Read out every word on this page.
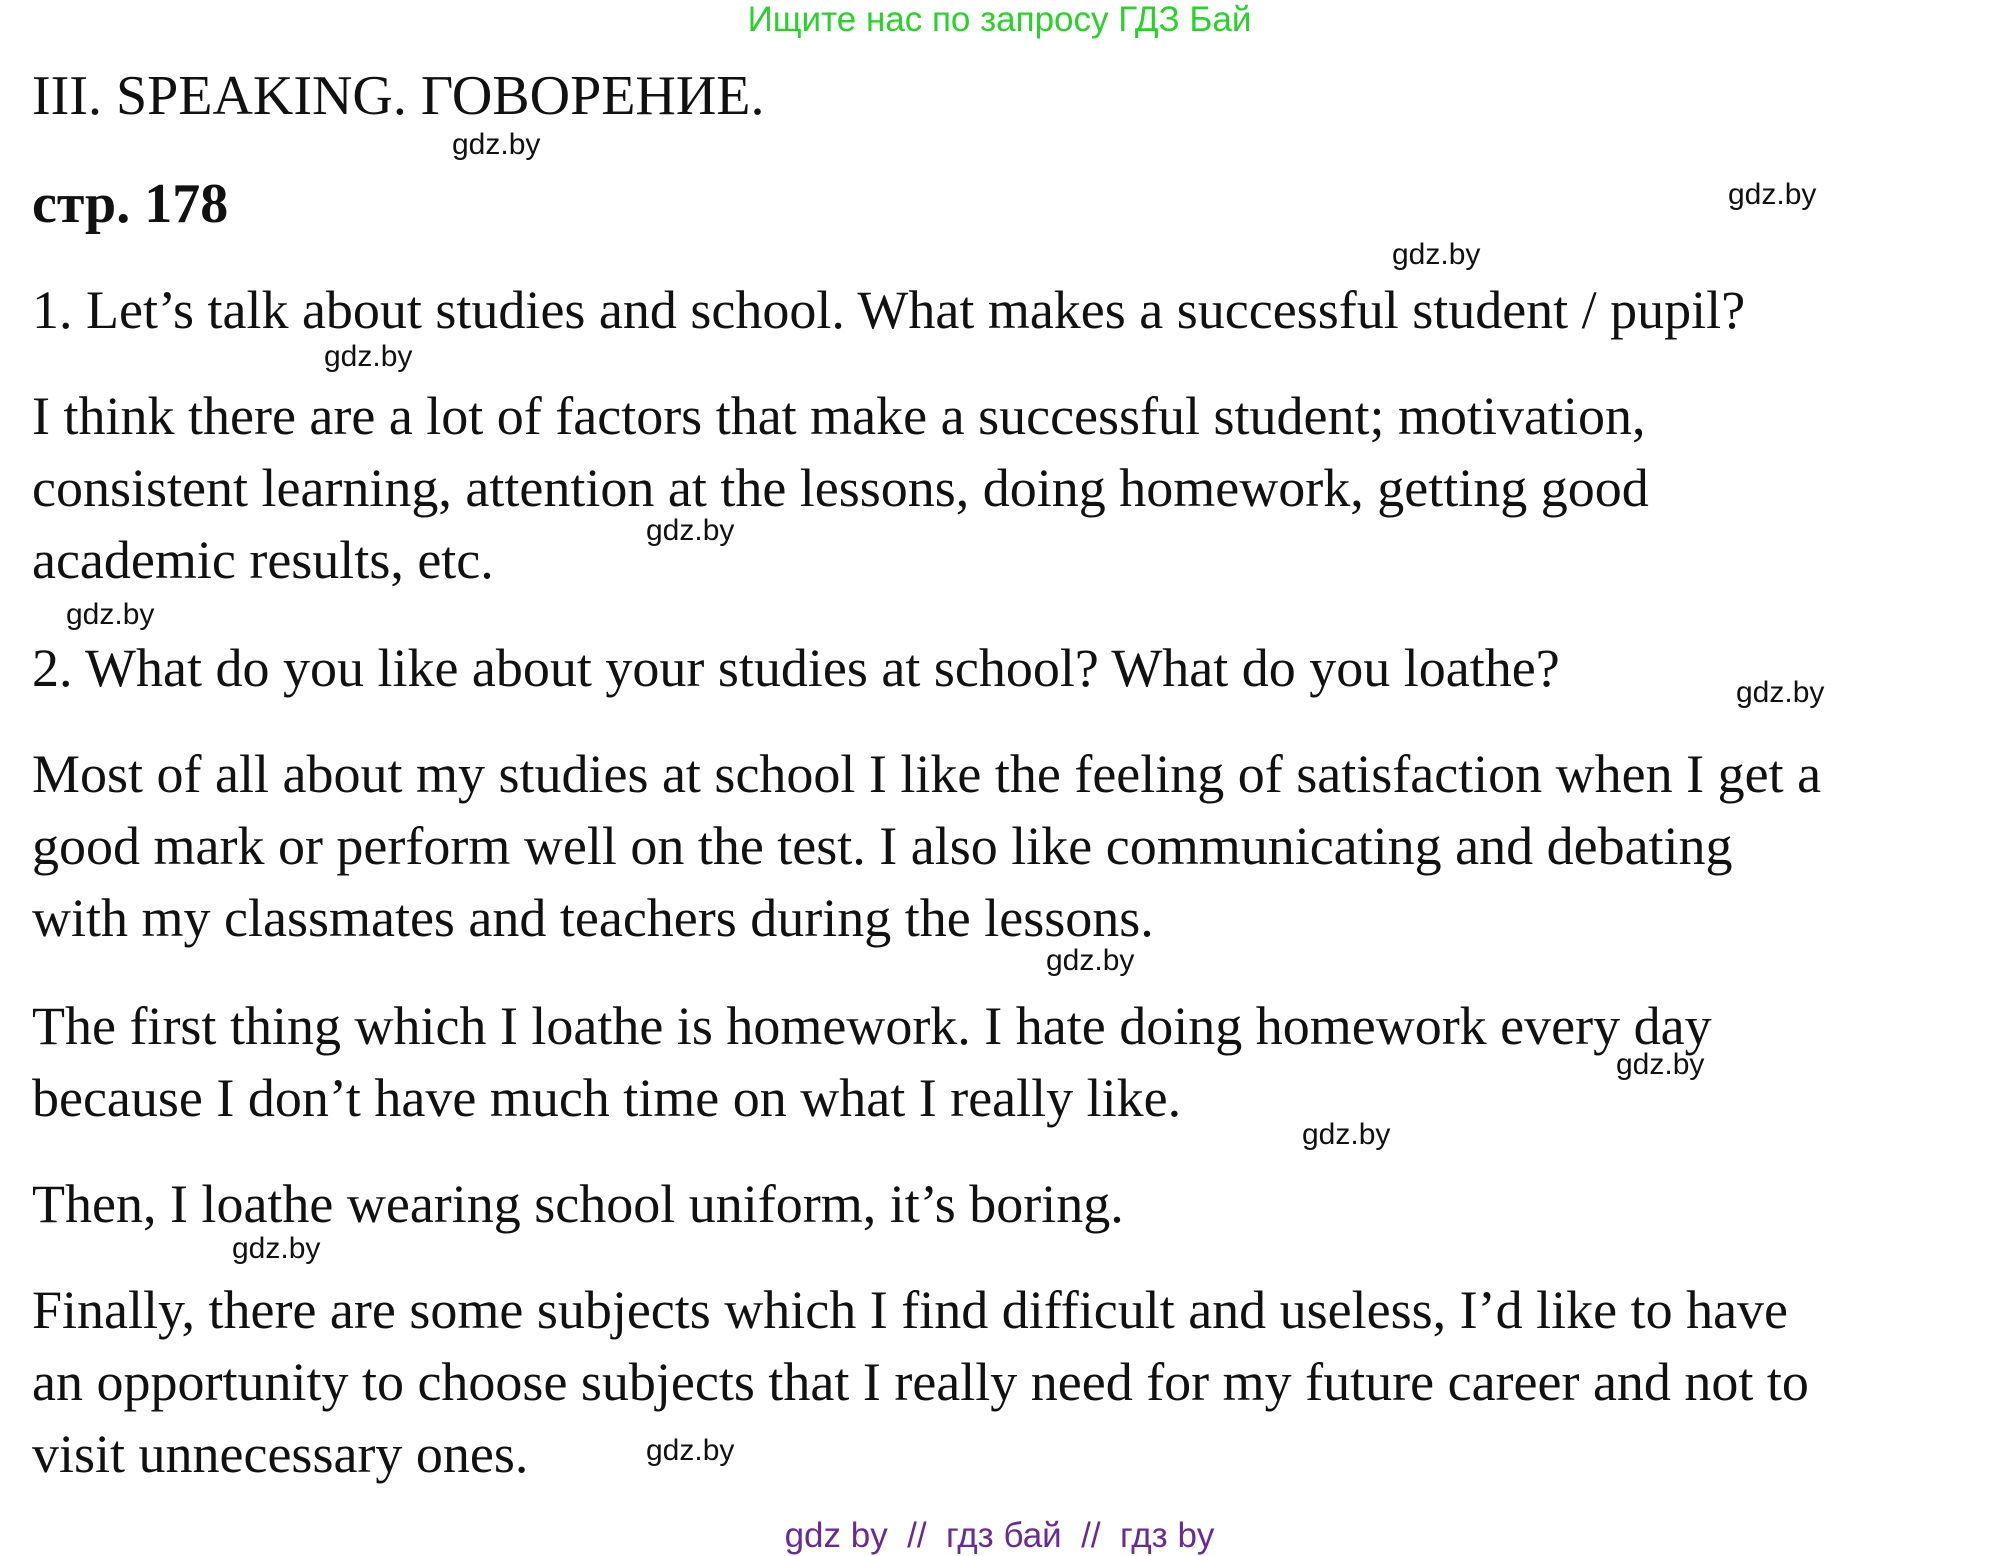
Ищите нас по запросу ГДЗ Бай
III. SPEAKING. ГОВОРЕНИЕ.
стр. 178
1. Let’s talk about studies and school. What makes a successful student / pupil?
I think there are a lot of factors that make a successful student; motivation,
consistent learning, attention at the lessons, doing homework, getting good
academic results, etc.
2. What do you like about your studies at school? What do you loathe?
Most of all about my studies at school I like the feeling of satisfaction when I get a
good mark or perform well on the test. I also like communicating and debating
with my classmates and teachers during the lessons.
The first thing which I loathe is homework. I hate doing homework every day
because I don’t have much time on what I really like.
Then, I loathe wearing school uniform, it’s boring.
Finally, there are some subjects which I find difficult and useless, I’d like to have
an opportunity to choose subjects that I really need for my future career and not to
visit unnecessary ones.
gdz.by
gdz.by
gdz.by
gdz.by
gdz.by
gdz.by
gdz.by
gdz.by
gdz.by
gdz.by
gdz.by
gdz.by
gdz by  //  гдз бай  //  гдз by
